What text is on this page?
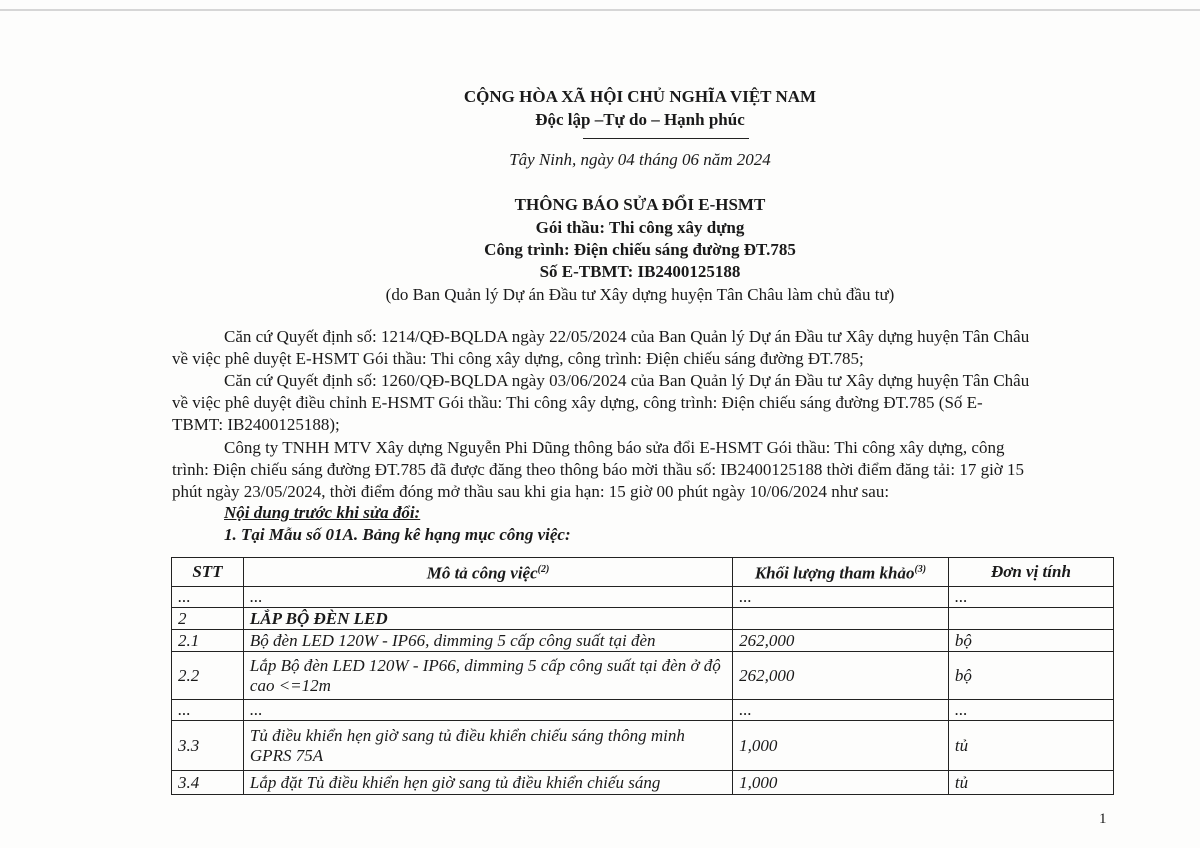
CỘNG HÒA XÃ HỘI CHỦ NGHĨA VIỆT NAM
Độc lập –Tự do – Hạnh phúc
Tây Ninh, ngày 04 tháng 06 năm 2024
THÔNG BÁO SỬA ĐỔI E-HSMT
Gói thầu: Thi công xây dựng
Công trình: Điện chiếu sáng đường ĐT.785
Số E-TBMT: IB2400125188
(do Ban Quản lý Dự án Đầu tư Xây dựng huyện Tân Châu làm chủ đầu tư)
Căn cứ Quyết định số: 1214/QĐ-BQLDA ngày 22/05/2024 của Ban Quản lý Dự án Đầu tư Xây dựng huyện Tân Châu
về việc phê duyệt E-HSMT Gói thầu: Thi công xây dựng, công trình: Điện chiếu sáng đường ĐT.785;
Căn cứ Quyết định số: 1260/QĐ-BQLDA ngày 03/06/2024 của Ban Quản lý Dự án Đầu tư Xây dựng huyện Tân Châu
về việc phê duyệt điều chỉnh E-HSMT Gói thầu: Thi công xây dựng, công trình: Điện chiếu sáng đường ĐT.785 (Số E-
TBMT: IB2400125188);
Công ty TNHH MTV Xây dựng Nguyễn Phi Dũng thông báo sửa đổi E-HSMT Gói thầu: Thi công xây dựng, công
trình: Điện chiếu sáng đường ĐT.785 đã được đăng theo thông báo mời thầu số: IB2400125188 thời điểm đăng tải: 17 giờ 15
phút ngày 23/05/2024, thời điểm đóng mở thầu sau khi gia hạn: 15 giờ 00 phút ngày 10/06/2024 như sau:
Nội dung trước khi sửa đổi:
1. Tại Mẫu số 01A. Bảng kê hạng mục công việc:
STT	Mô tả công việc$^{(2)}$	Khối lượng tham khảo$^{(3)}$	Đơn vị tính
...	...	...	...
2	LẮP BỘ ĐÈN LED		
2.1	Bộ đèn LED 120W - IP66, dimming 5 cấp công suất tại đèn	262,000	bộ
2.2	Lắp Bộ đèn LED 120W - IP66, dimming 5 cấp công suất tại đèn ở độ cao <=12m	262,000	bộ
...	...	...	...
3.3	Tủ điều khiển hẹn giờ sang tủ điều khiển chiếu sáng thông minh GPRS 75A	1,000	tủ
3.4	Lắp đặt Tủ điều khiển hẹn giờ sang tủ điều khiển chiếu sáng	1,000	tủ
1
